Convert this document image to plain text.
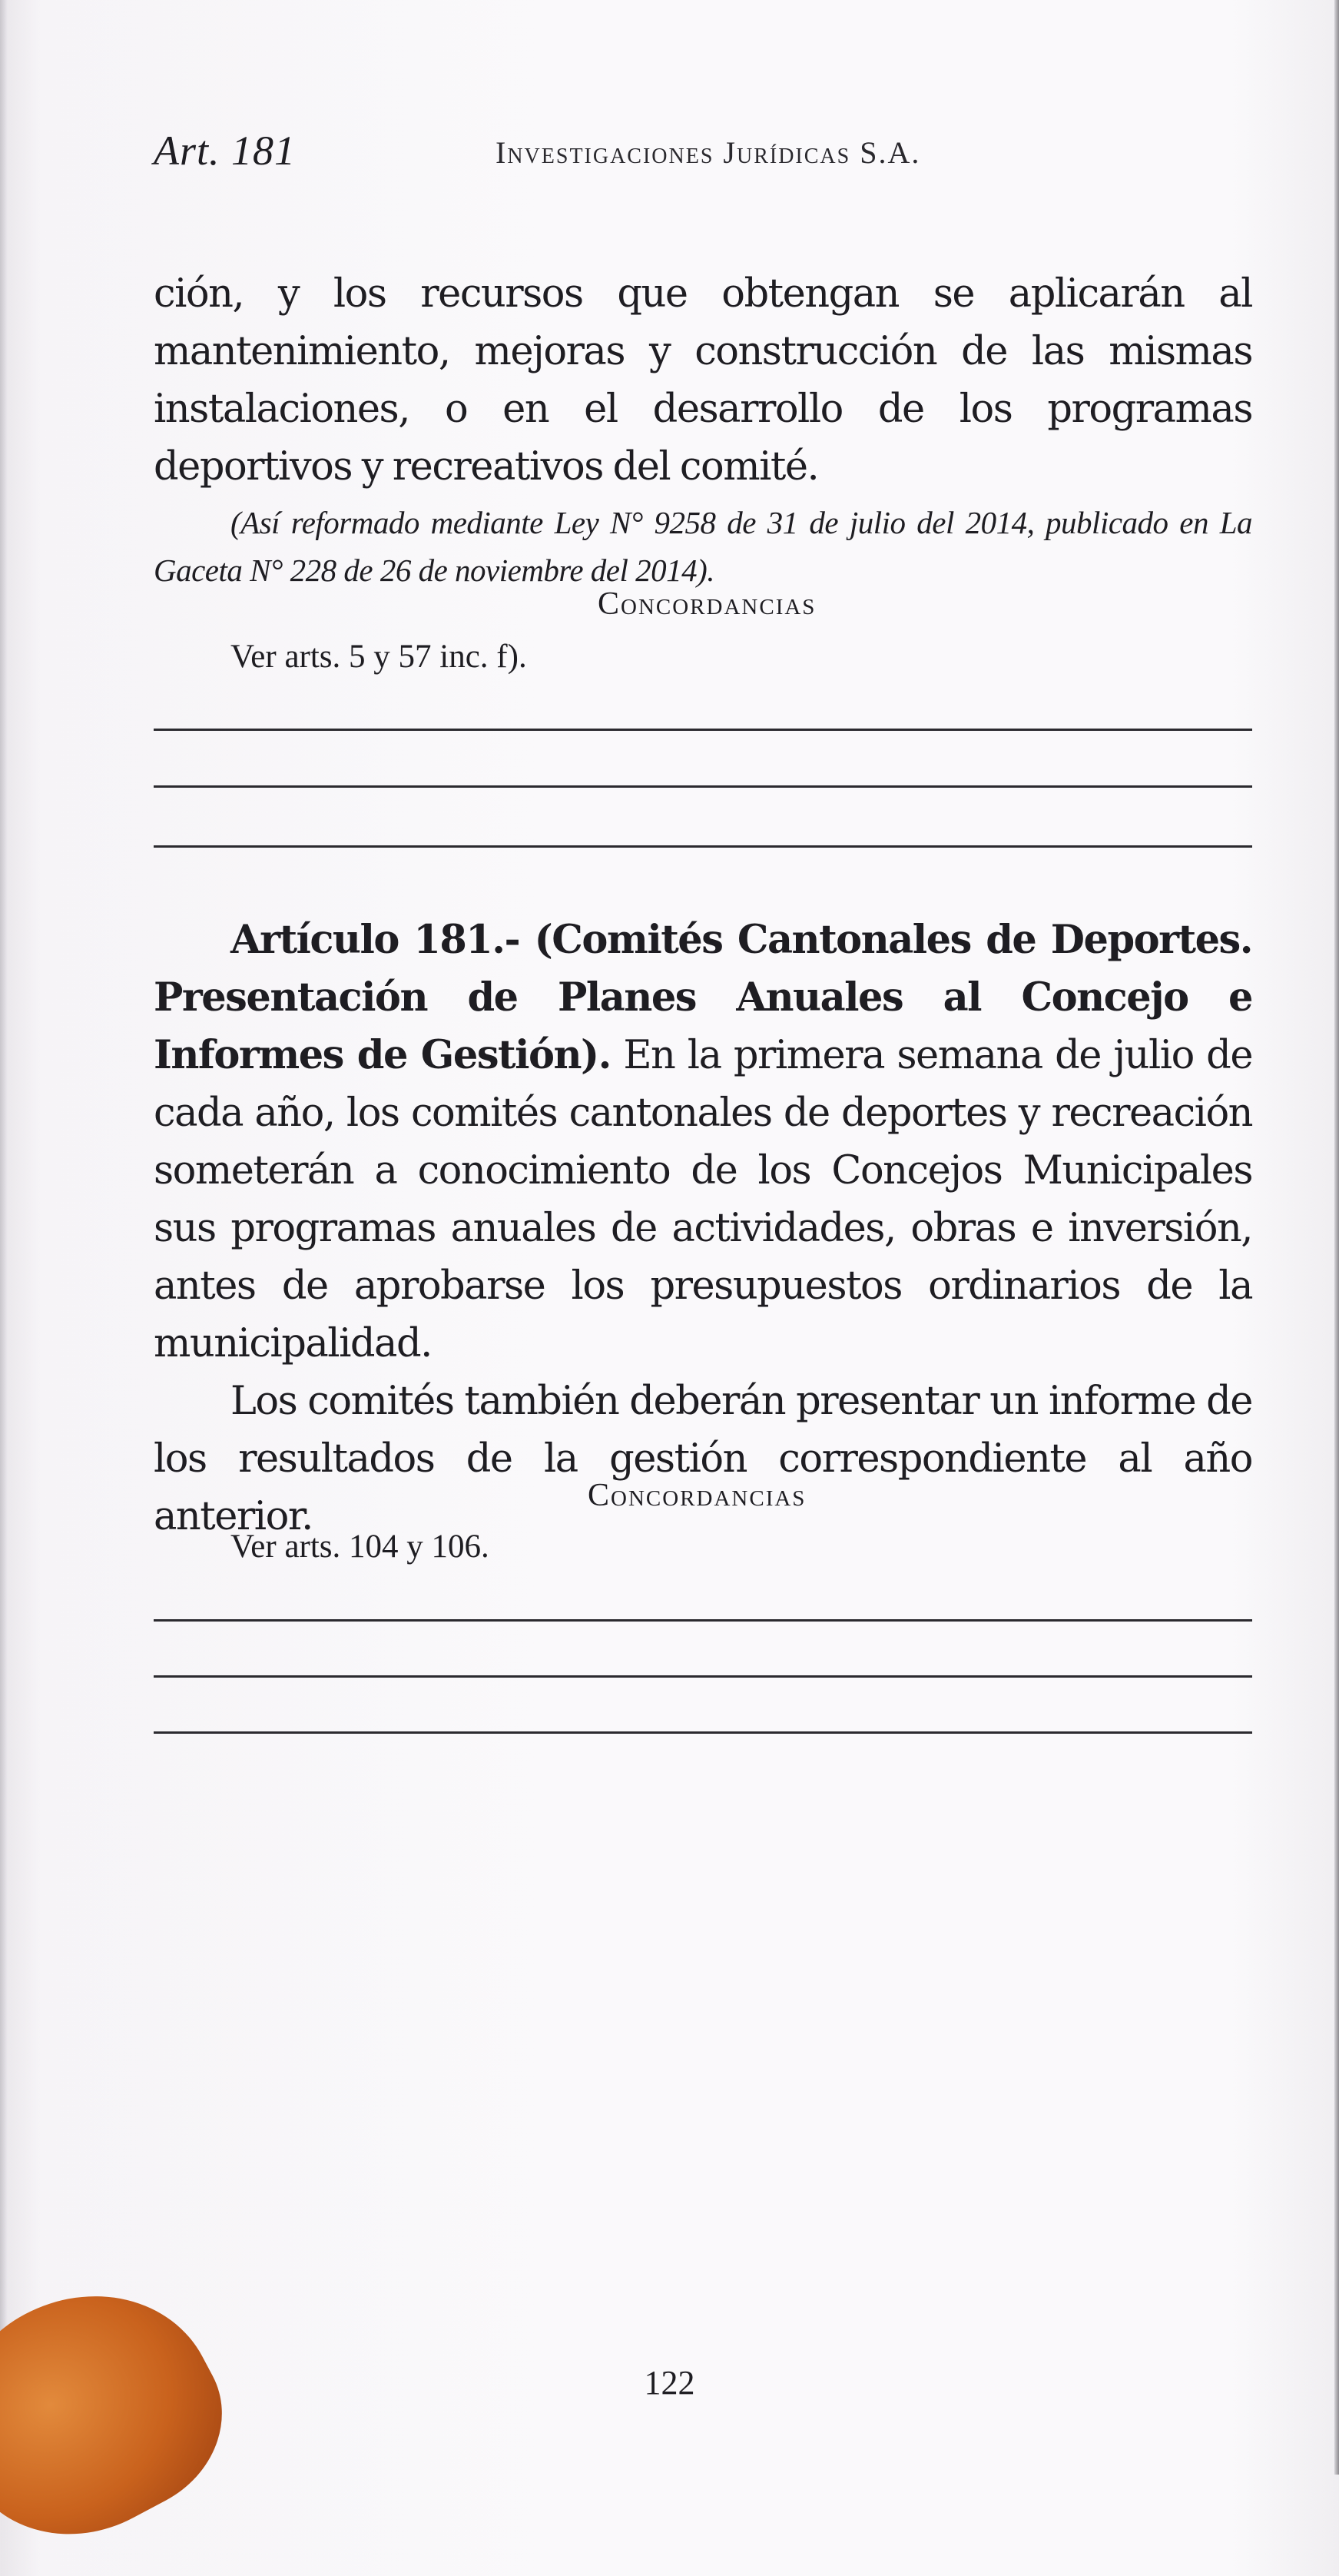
Art. 181	Investigaciones Jurídicas S.A.

ción, y los recursos que obtengan se aplicarán al mantenimiento, mejoras y construcción de las mismas instalaciones, o en el desarrollo de los programas deportivos y recreativos del comité.

(Así reformado mediante Ley N° 9258 de 31 de julio del 2014, publicado en La Gaceta N° 228 de 26 de noviembre del 2014).

Concordancias
Ver arts. 5 y 57 inc. f).

Artículo 181.- (Comités Cantonales de Deportes. Presentación de Planes Anuales al Concejo e Informes de Gestión). En la primera semana de julio de cada año, los comités cantonales de deportes y recreación someterán a conocimiento de los Concejos Municipales sus programas anuales de actividades, obras e inversión, antes de aprobarse los presupuestos ordinarios de la municipalidad.

Los comités también deberán presentar un informe de los resultados de la gestión correspondiente al año anterior.	Concordancias
Ver arts. 104 y 106.
122
